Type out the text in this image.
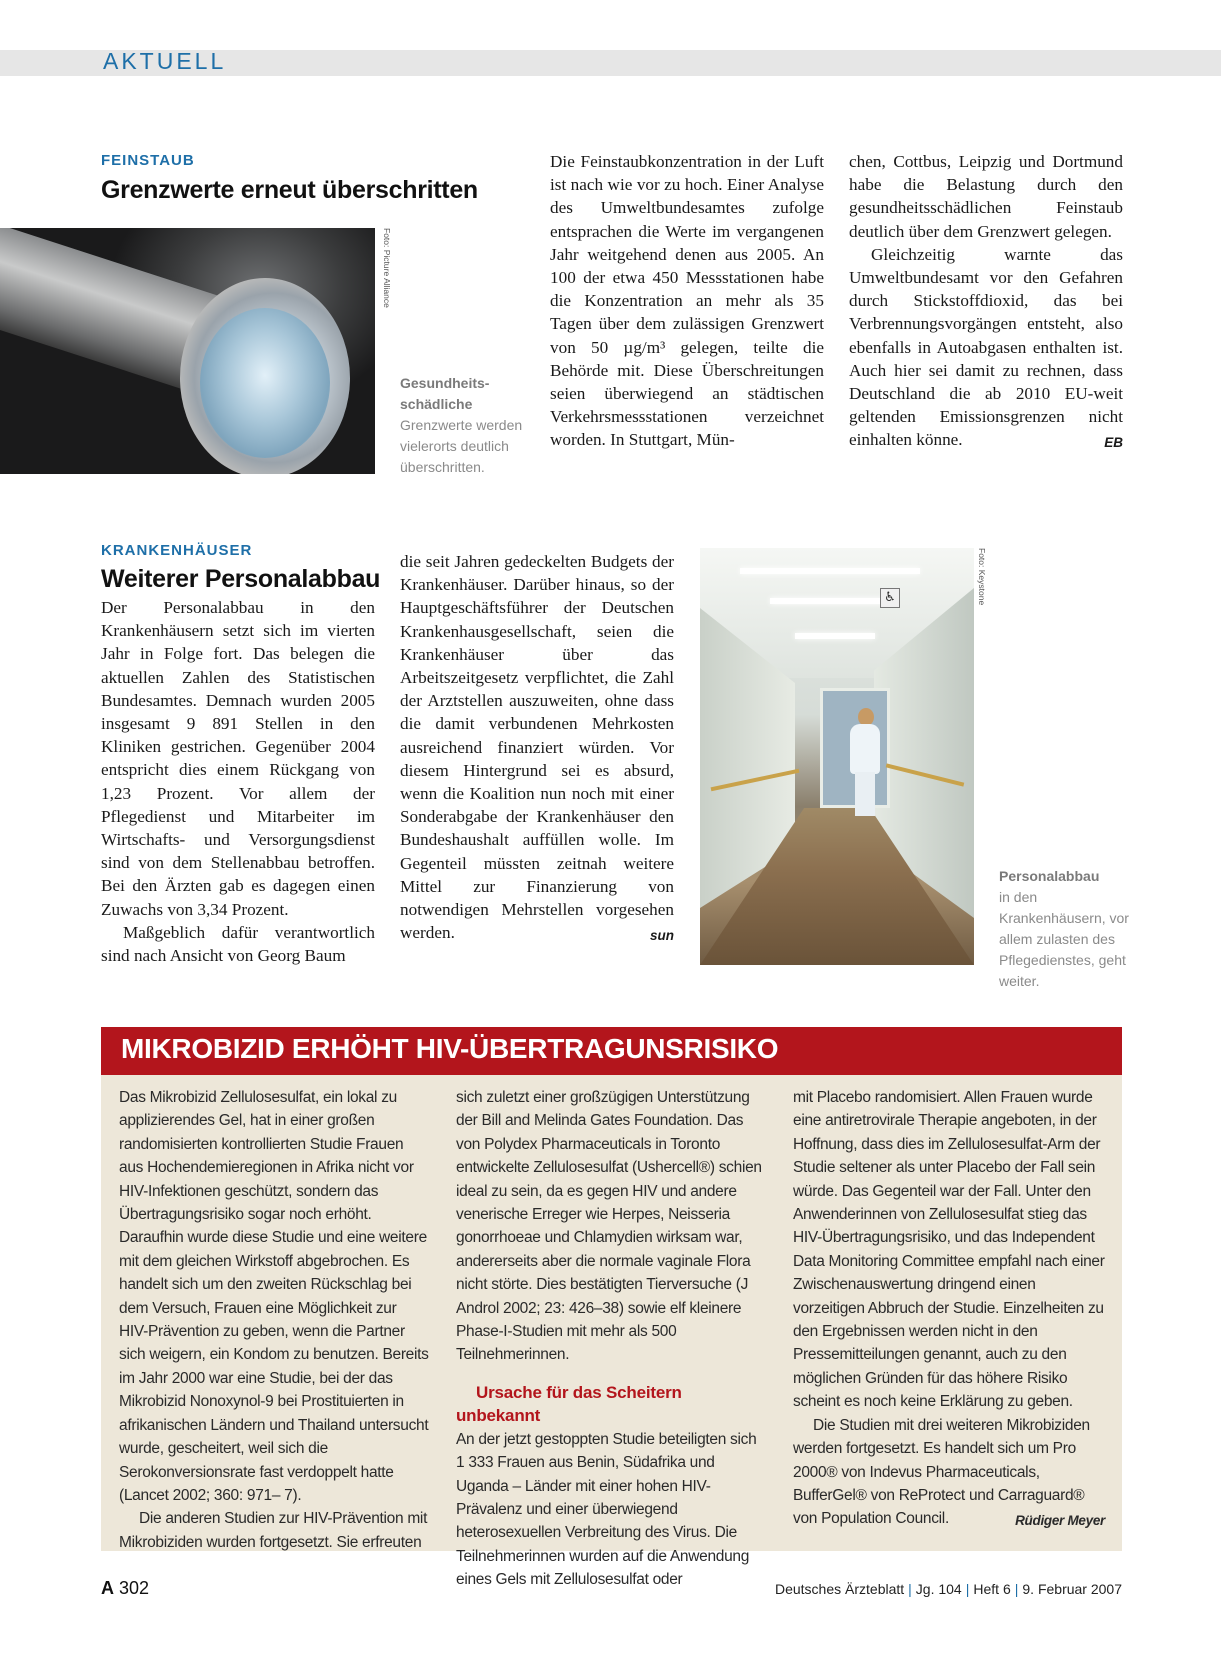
AKTUELL
FEINSTAUB
Grenzwerte erneut überschritten
Foto: Picture Alliance
Gesundheits-
schädliche
Grenzwerte werden vielerorts deutlich überschritten.

Die Feinstaubkonzentration in der Luft ist nach wie vor zu hoch. Einer Analyse des Umweltbundesamtes zufolge entsprachen die Werte im vergangenen Jahr weitgehend denen aus 2005. An 100 der etwa 450 Messstationen habe die Konzentration an mehr als 35 Tagen über dem zulässigen Grenzwert von 50 µg/m³ gelegen, teilte die Behörde mit. Diese Überschreitungen seien überwiegend an städtischen Verkehrsmessstationen verzeichnet worden. In Stuttgart, Mün-

chen, Cottbus, Leipzig und Dortmund habe die Belastung durch den gesundheitsschädlichen Feinstaub deutlich über dem Grenzwert gelegen.

Gleichzeitig warnte das Umweltbundesamt vor den Gefahren durch Stickstoffdioxid, das bei Verbrennungsvorgängen entsteht, also ebenfalls in Autoabgasen enthalten ist. Auch hier sei damit zu rechnen, dass Deutschland die ab 2010 EU-weit geltenden Emissionsgrenzen nicht einhalten könne.	EB

KRANKENHÄUSER
Weiterer Personalabbau

Der Personalabbau in den Krankenhäusern setzt sich im vierten Jahr in Folge fort. Das belegen die aktuellen Zahlen des Statistischen Bundesamtes. Demnach wurden 2005 insgesamt 9 891 Stellen in den Kliniken gestrichen. Gegenüber 2004 entspricht dies einem Rückgang von 1,23 Prozent. Vor allem der Pflegedienst und Mitarbeiter im Wirtschafts- und Versorgungsdienst sind von dem Stellenabbau betroffen. Bei den Ärzten gab es dagegen einen Zuwachs von 3,34 Prozent.

Maßgeblich dafür verantwortlich sind nach Ansicht von Georg Baum

die seit Jahren gedeckelten Budgets der Krankenhäuser. Darüber hinaus, so der Hauptgeschäftsführer der Deutschen Krankenhausgesellschaft, seien die Krankenhäuser über das Arbeitszeitgesetz verpflichtet, die Zahl der Arztstellen auszuweiten, ohne dass die damit verbundenen Mehrkosten ausreichend finanziert würden. Vor diesem Hintergrund sei es absurd, wenn die Koalition nun noch mit einer Sonderabgabe der Krankenhäuser den Bundeshaushalt auffüllen wolle. Im Gegenteil müssten zeitnah weitere Mittel zur Finanzierung von notwendigen Mehrstellen vorgesehen werden.	sun

♿	Foto: Keystone
Personalabbau
in den Krankenhäusern, vor allem zulasten des Pflegedienstes, geht weiter.
MIKROBIZID ERHÖHT HIV-ÜBERTRAGUNSRISIKO

Das Mikrobizid Zellulosesulfat, ein lokal zu applizierendes Gel, hat in einer großen randomisierten kontrollierten Studie Frauen aus Hochendemieregionen in Afrika nicht vor HIV-Infektionen geschützt, sondern das Übertragungsrisiko sogar noch erhöht. Daraufhin wurde diese Studie und eine weitere mit dem gleichen Wirkstoff abgebrochen. Es handelt sich um den zweiten Rückschlag bei dem Versuch, Frauen eine Möglichkeit zur HIV-Prävention zu geben, wenn die Partner sich weigern, ein Kondom zu benutzen. Bereits im Jahr 2000 war eine Studie, bei der das Mikrobizid Nonoxynol-9 bei Prostituierten in afrikanischen Ländern und Thailand untersucht wurde, gescheitert, weil sich die Serokonversionsrate fast verdoppelt hatte (Lancet 2002; 360: 971– 7).

Die anderen Studien zur HIV-Prävention mit Mikrobiziden wurden fortgesetzt. Sie erfreuten

sich zuletzt einer großzügigen Unterstützung der Bill and Melinda Gates Foundation. Das von Polydex Pharmaceuticals in Toronto entwickelte Zellulosesulfat (Ushercell®) schien ideal zu sein, da es gegen HIV und andere venerische Erreger wie Herpes, Neisseria gonorrhoeae und Chlamydien wirksam war, andererseits aber die normale vaginale Flora nicht störte. Dies bestätigten Tierversuche (J Androl 2002; 23: 426–38) sowie elf kleinere Phase-I-Studien mit mehr als 500 Teilnehmerinnen.

Ursache für das Scheitern unbekannt

An der jetzt gestoppten Studie beteiligten sich 1 333 Frauen aus Benin, Südafrika und Uganda – Länder mit einer hohen HIV-Prävalenz und einer überwiegend heterosexuellen Verbreitung des Virus. Die Teilnehmerinnen wurden auf die Anwendung eines Gels mit Zellulosesulfat oder

mit Placebo randomisiert. Allen Frauen wurde eine antiretrovirale Therapie angeboten, in der Hoffnung, dass dies im Zellulosesulfat-Arm der Studie seltener als unter Placebo der Fall sein würde. Das Gegenteil war der Fall. Unter den Anwenderinnen von Zellulosesulfat stieg das HIV-Übertragungsrisiko, und das Independent Data Monitoring Committee empfahl nach einer Zwischenauswertung dringend einen vorzeitigen Abbruch der Studie. Einzelheiten zu den Ergebnissen werden nicht in den Pressemitteilungen genannt, auch zu den möglichen Gründen für das höhere Risiko scheint es noch keine Erklärung zu geben.

Die Studien mit drei weiteren Mikrobiziden werden fortgesetzt. Es handelt sich um Pro 2000® von Indevus Pharmaceuticals, BufferGel® von ReProtect und Carraguard® von Population Council.	Rüdiger Meyer

A 302	Deutsches Ärzteblatt | Jg. 104 | Heft 6 | 9. Februar 2007
